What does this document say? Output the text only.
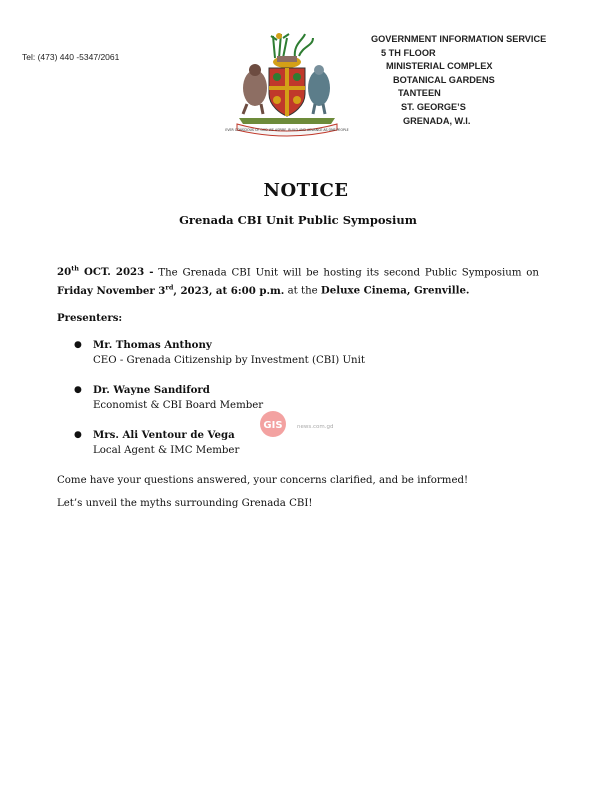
Tel: (473) 440 -5347/2061
EVER CONSCIOUS OF GOD WE ASPIRE, BUILD AND ADVANCE AS ONE PEOPLE
GOVERNMENT INFORMATION SERVICE
5 TH FLOOR
MINISTERIAL COMPLEX
BOTANICAL GARDENS
TANTEEN
ST. GEORGE’S
GRENADA, W.I.
NOTICE
Grenada CBI Unit Public Symposium
20th OCT. 2023 - The Grenada CBI Unit will be hosting its second Public Symposium on Friday November 3rd, 2023, at 6:00 p.m. at the Deluxe Cinema, Grenville.
Presenters:
● Mr. Thomas Anthony
CEO - Grenada Citizenship by Investment (CBI) Unit
● Dr. Wayne Sandiford
Economist & CBI Board Member
● Mrs. Ali Ventour de Vega
Local Agent & IMC Member
Come have your questions answered, your concerns clarified, and be informed!
Let’s unveil the myths surrounding Grenada CBI!
GIS	news.com.gd
